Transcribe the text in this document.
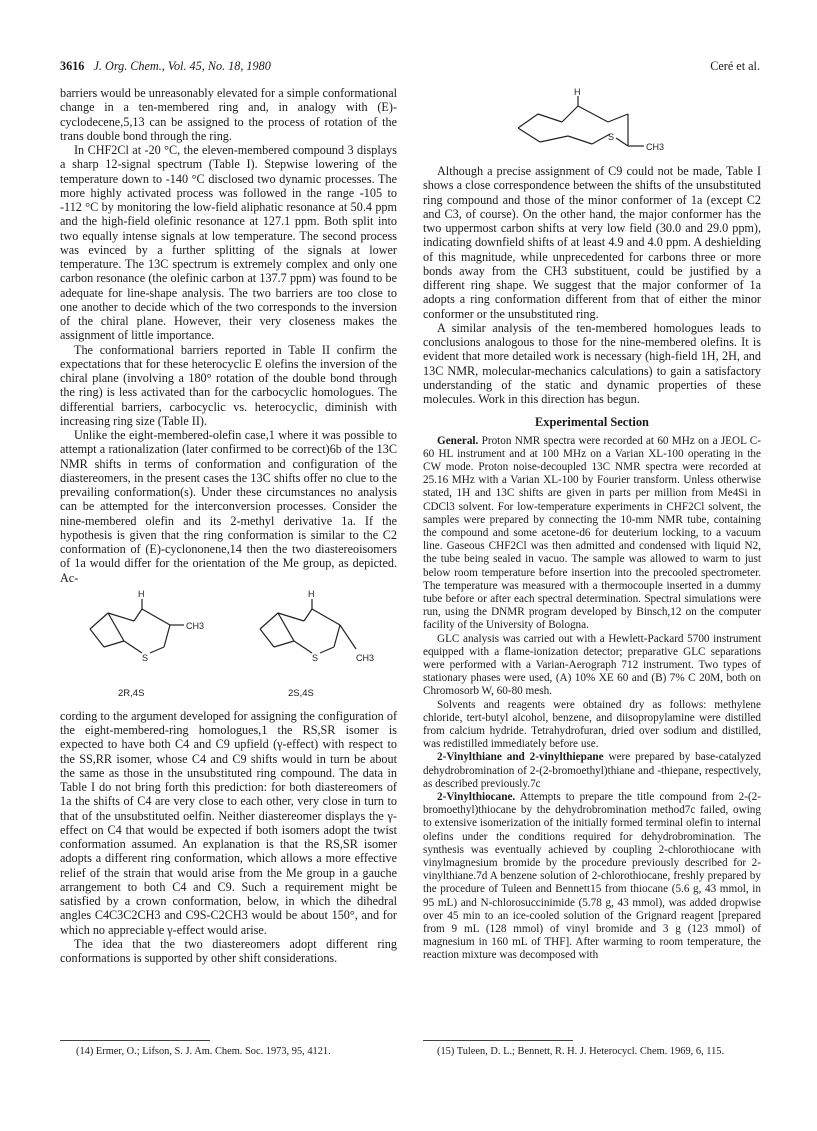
3616 J. Org. Chem., Vol. 45, No. 18, 1980	Ceré et al.
H
S
CH3

barriers would be unreasonably elevated for a simple conformational change in a ten-membered ring and, in analogy with (E)-cyclodecene,5,13 can be assigned to the process of rotation of the trans double bond through the ring.

In CHF2Cl at -20 °C, the eleven-membered compound 3 displays a sharp 12-signal spectrum (Table I). Stepwise lowering of the temperature down to -140 °C disclosed two dynamic processes. The more highly activated process was followed in the range -105 to -112 °C by monitoring the low-field aliphatic resonance at 50.4 ppm and the high-field olefinic resonance at 127.1 ppm. Both split into two equally intense signals at low temperature. The second process was evinced by a further splitting of the signals at lower temperature. The 13C spectrum is extremely complex and only one carbon resonance (the olefinic carbon at 137.7 ppm) was found to be adequate for line-shape analysis. The two barriers are too close to one another to decide which of the two corresponds to the inversion of the chiral plane. However, their very closeness makes the assignment of little importance.

The conformational barriers reported in Table II confirm the expectations that for these heterocyclic E olefins the inversion of the chiral plane (involving a 180° rotation of the double bond through the ring) is less activated than for the carbocyclic homologues. The differential barriers, carbocyclic vs. heterocyclic, diminish with increasing ring size (Table II).

Unlike the eight-membered-olefin case,1 where it was possible to attempt a rationalization (later confirmed to be correct)6b of the 13C NMR shifts in terms of conformation and configuration of the diastereomers, in the present cases the 13C shifts offer no clue to the prevailing conformation(s). Under these circumstances no analysis can be attempted for the interconversion processes. Consider the nine-membered olefin and its 2-methyl derivative 1a. If the hypothesis is given that the ring conformation is similar to the C2 conformation of (E)-cyclononene,14 then the two diastereoisomers of 1a would differ for the orientation of the Me group, as depicted. Ac-

H
S
CH3
2R,4S
H
S	CH3
2S,4S

cording to the argument developed for assigning the configuration of the eight-membered-ring homologues,1 the RS,SR isomer is expected to have both C4 and C9 upfield (γ-effect) with respect to the SS,RR isomer, whose C4 and C9 shifts would in turn be about the same as those in the unsubstituted ring compound. The data in Table I do not bring forth this prediction: for both diastereomers of 1a the shifts of C4 are very close to each other, very close in turn to that of the unsubstituted oelfin. Neither diastereomer displays the γ-effect on C4 that would be expected if both isomers adopt the twist conformation assumed. An explanation is that the RS,SR isomer adopts a different ring conformation, which allows a more effective relief of the strain that would arise from the Me group in a gauche arrangement to both C4 and C9. Such a requirement might be satisfied by a crown conformation, below, in which the dihedral angles C4C3C2CH3 and C9S-C2CH3 would be about 150°, and for which no appreciable γ-effect would arise.

The idea that the two diastereomers adopt different ring conformations is supported by other shift considerations.

Although a precise assignment of C9 could not be made, Table I shows a close correspondence between the shifts of the unsubstituted ring compound and those of the minor conformer of 1a (except C2 and C3, of course). On the other hand, the major conformer has the two uppermost carbon shifts at very low field (30.0 and 29.0 ppm), indicating downfield shifts of at least 4.9 and 4.0 ppm. A deshielding of this magnitude, while unprecedented for carbons three or more bonds away from the CH3 substituent, could be justified by a different ring shape. We suggest that the major conformer of 1a adopts a ring conformation different from that of either the minor conformer or the unsubstituted ring.

A similar analysis of the ten-membered homologues leads to conclusions analogous to those for the nine-membered olefins. It is evident that more detailed work is necessary (high-field 1H, 2H, and 13C NMR, molecular-mechanics calculations) to gain a satisfactory understanding of the static and dynamic properties of these molecules. Work in this direction has begun.

Experimental Section

General. Proton NMR spectra were recorded at 60 MHz on a JEOL C-60 HL instrument and at 100 MHz on a Varian XL-100 operating in the CW mode. Proton noise-decoupled 13C NMR spectra were recorded at 25.16 MHz with a Varian XL-100 by Fourier transform. Unless otherwise stated, 1H and 13C shifts are given in parts per million from Me4Si in CDCl3 solvent. For low-temperature experiments in CHF2Cl solvent, the samples were prepared by connecting the 10-mm NMR tube, containing the compound and some acetone-d6 for deuterium locking, to a vacuum line. Gaseous CHF2Cl was then admitted and condensed with liquid N2, the tube being sealed in vacuo. The sample was allowed to warm to just below room temperature before insertion into the precooled spectrometer. The temperature was measured with a thermocouple inserted in a dummy tube before or after each spectral determination. Spectral simulations were run, using the DNMR program developed by Binsch,12 on the computer facility of the University of Bologna.

GLC analysis was carried out with a Hewlett-Packard 5700 instrument equipped with a flame-ionization detector; preparative GLC separations were performed with a Varian-Aerograph 712 instrument. Two types of stationary phases were used, (A) 10% XE 60 and (B) 7% C 20M, both on Chromosorb W, 60-80 mesh.

Solvents and reagents were obtained dry as follows: methylene chloride, tert-butyl alcohol, benzene, and diisopropylamine were distilled from calcium hydride. Tetrahydrofuran, dried over sodium and distilled, was redistilled immediately before use.

2-Vinylthiane and 2-vinylthiepane were prepared by base-catalyzed dehydrobromination of 2-(2-bromoethyl)thiane and -thiepane, respectively, as described previously.7c

2-Vinylthiocane. Attempts to prepare the title compound from 2-(2-bromoethyl)thiocane by the dehydrobromination method7c failed, owing to extensive isomerization of the initially formed terminal olefin to internal olefins under the conditions required for dehydrobromination. The synthesis was eventually achieved by coupling 2-chlorothiocane with vinylmagnesium bromide by the procedure previously described for 2-vinylthiane.7d A benzene solution of 2-chlorothiocane, freshly prepared by the procedure of Tuleen and Bennett15 from thiocane (5.6 g, 43 mmol, in 95 mL) and N-chlorosuccinimide (5.78 g, 43 mmol), was added dropwise over 45 min to an ice-cooled solution of the Grignard reagent [prepared from 9 mL (128 mmol) of vinyl bromide and 3 g (123 mmol) of magnesium in 160 mL of THF]. After warming to room temperature, the reaction mixture was decomposed with

(14) Ermer, O.; Lifson, S. J. Am. Chem. Soc. 1973, 95, 4121.	(15) Tuleen, D. L.; Bennett, R. H. J. Heterocycl. Chem. 1969, 6, 115.
